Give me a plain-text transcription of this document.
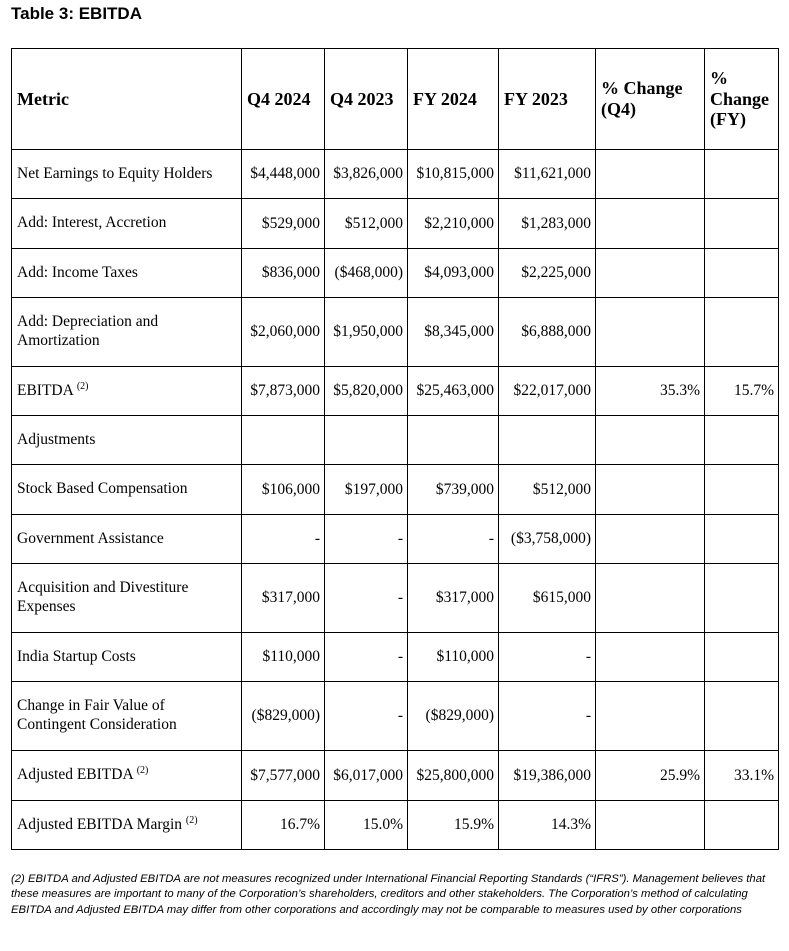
Table 3: EBITDA
Metric	Q4 2024	Q4 2023	FY 2024	FY 2023	% Change (Q4)	% Change (FY)
Net Earnings to Equity Holders	$4,448,000	$3,826,000	$10,815,000	$11,621,000		
Add: Interest, Accretion	$529,000	$512,000	$2,210,000	$1,283,000		
Add: Income Taxes	$836,000	($468,000)	$4,093,000	$2,225,000		
Add: Depreciation and Amortization	$2,060,000	$1,950,000	$8,345,000	$6,888,000		
EBITDA $^{(2)}$	$7,873,000	$5,820,000	$25,463,000	$22,017,000	35.3%	15.7%
Adjustments						
Stock Based Compensation	$106,000	$197,000	$739,000	$512,000		
Government Assistance	-	-	-	($3,758,000)		
Acquisition and Divestiture Expenses	$317,000	-	$317,000	$615,000		
India Startup Costs	$110,000	-	$110,000	-		
Change in Fair Value of Contingent Consideration	($829,000)	-	($829,000)	-		
Adjusted EBITDA $^{(2)}$	$7,577,000	$6,017,000	$25,800,000	$19,386,000	25.9%	33.1%
Adjusted EBITDA Margin $^{(2)}$	16.7%	15.0%	15.9%	14.3%		
(2) EBITDA and Adjusted EBITDA are not measures recognized under International Financial Reporting Standards (“IFRS”). Management believes that these measures are important to many of the Corporation’s shareholders, creditors and other stakeholders. The Corporation’s method of calculating EBITDA and Adjusted EBITDA may differ from other corporations and accordingly may not be comparable to measures used by other corporations
